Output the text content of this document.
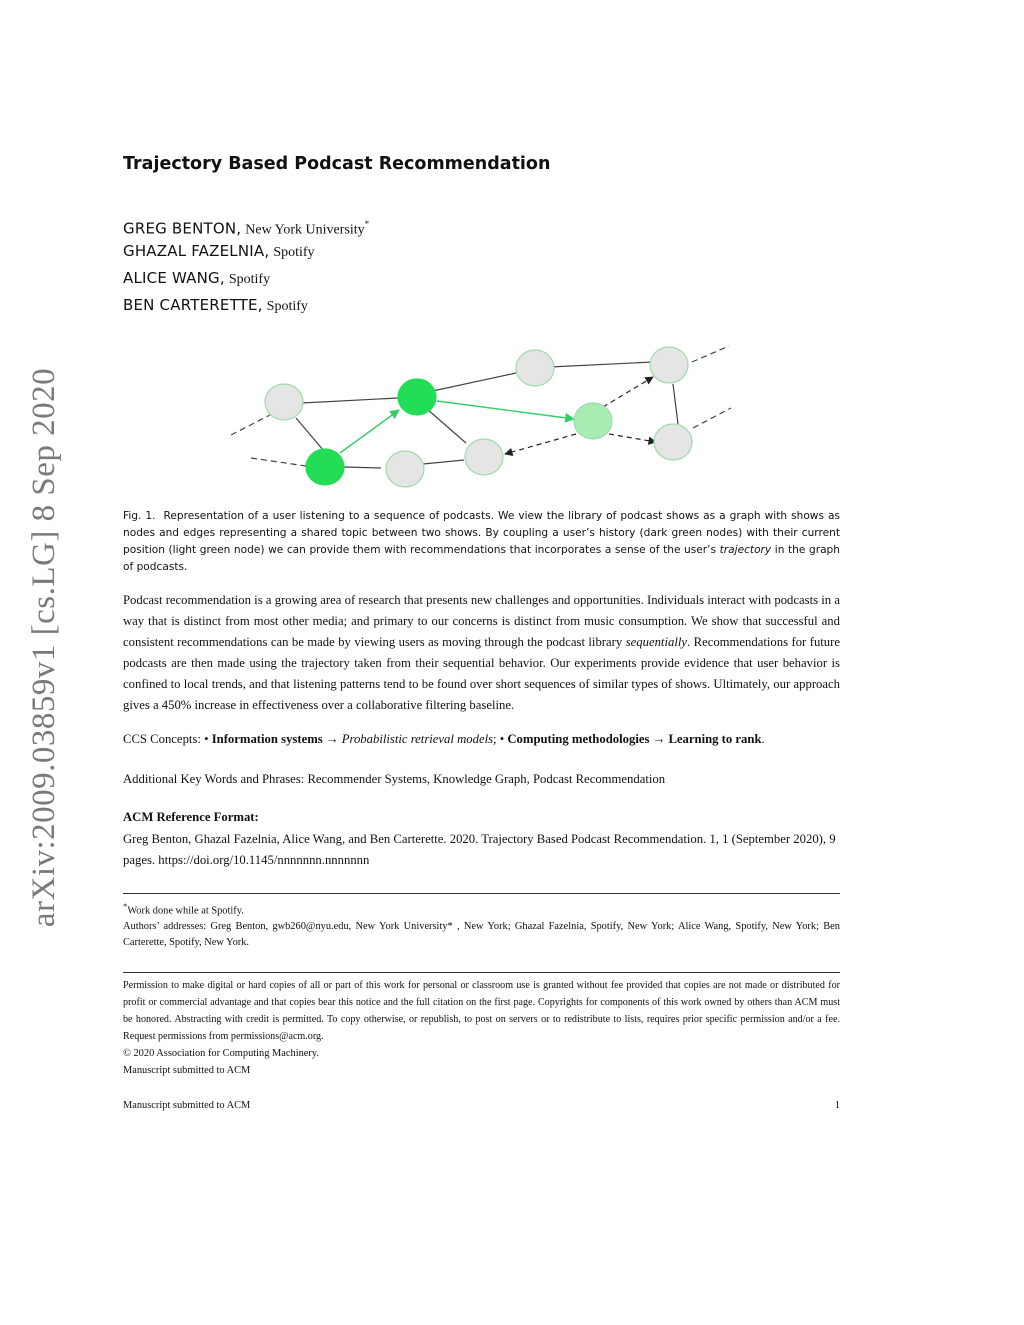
arXiv:2009.03859v1 [cs.LG] 8 Sep 2020
Trajectory Based Podcast Recommendation
GREG BENTON, New York University*
GHAZAL FAZELNIA, Spotify
ALICE WANG, Spotify
BEN CARTERETTE, Spotify
Fig. 1. Representation of a user listening to a sequence of podcasts. We view the library of podcast shows as a graph with shows as nodes and edges representing a shared topic between two shows. By coupling a user’s history (dark green nodes) with their current position (light green node) we can provide them with recommendations that incorporates a sense of the user’s trajectory in the graph of podcasts.

Podcast recommendation is a growing area of research that presents new challenges and opportunities. Individuals interact with podcasts in a way that is distinct from most other media; and primary to our concerns is distinct from music consumption. We show that successful and consistent recommendations can be made by viewing users as moving through the podcast library sequentially. Recommendations for future podcasts are then made using the trajectory taken from their sequential behavior. Our experiments provide evidence that user behavior is confined to local trends, and that listening patterns tend to be found over short sequences of similar types of shows. Ultimately, our approach gives a 450% increase in effectiveness over a collaborative filtering baseline.

CCS Concepts: • Information systems → Probabilistic retrieval models; • Computing methodologies → Learning to rank.
Additional Key Words and Phrases: Recommender Systems, Knowledge Graph, Podcast Recommendation
ACM Reference Format:

Greg Benton, Ghazal Fazelnia, Alice Wang, and Ben Carterette. 2020. Trajectory Based Podcast Recommendation. 1, 1 (September 2020), 9 pages. https://doi.org/10.1145/nnnnnnn.nnnnnnn

*Work done while at Spotify.
Authors’ addresses: Greg Benton, gwb260@nyu.edu, New York University* , New York; Ghazal Fazelnia, Spotify, New York; Alice Wang, Spotify, New York; Ben Carterette, Spotify, New York.

Permission to make digital or hard copies of all or part of this work for personal or classroom use is granted without fee provided that copies are not made or distributed for profit or commercial advantage and that copies bear this notice and the full citation on the first page. Copyrights for components of this work owned by others than ACM must be honored. Abstracting with credit is permitted. To copy otherwise, or republish, to post on servers or to redistribute to lists, requires prior specific permission and/or a fee. Request permissions from permissions@acm.org.

© 2020 Association for Computing Machinery.
Manuscript submitted to ACM
Manuscript submitted to ACM	1
